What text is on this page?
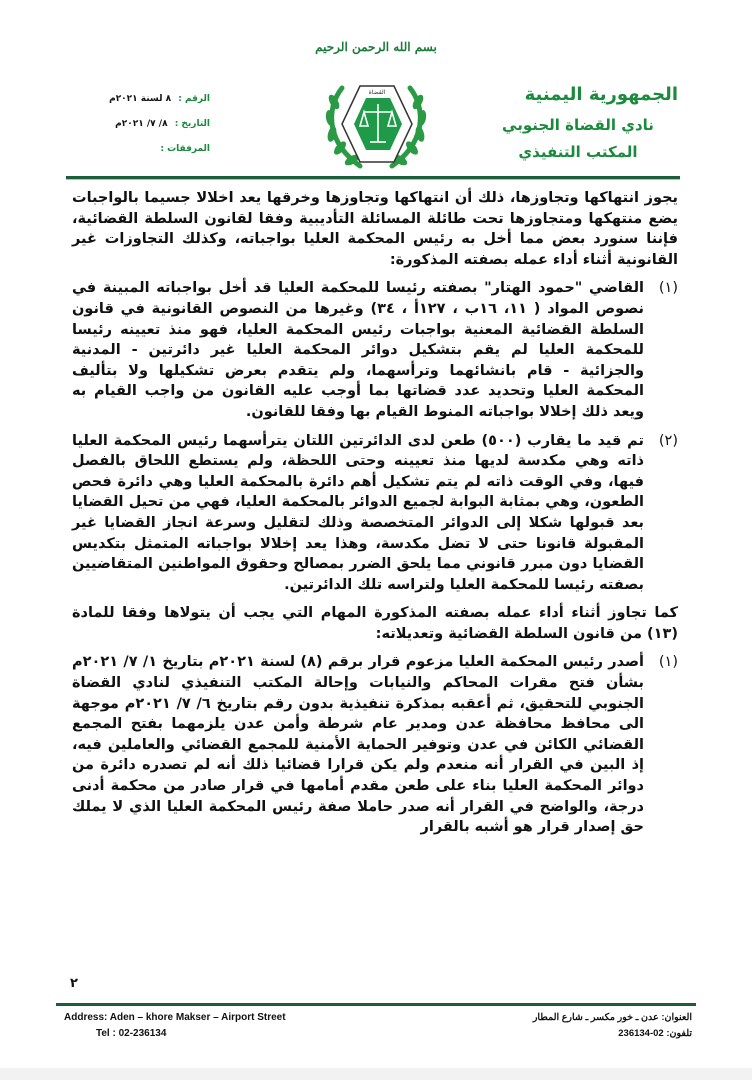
بسم الله الرحمن الرحيم
الجمهورية اليمنية
نادي القضاة الجنوبي
المكتب التنفيذي
القضاة
الرقم : ٨ لسنة ٢٠٢١م
التاريخ : ٨/ ٧/ ٢٠٢١م
المرفقات :

يجوز انتهاكها وتجاوزها، ذلك أن انتهاكها وتجاوزها وخرقها يعد اخلالا جسيما بالواجبات يضع منتهكها ومتجاوزها تحت طائلة المسائلة التأديبية وفقا لقانون السلطة القضائية، فإننا سنورد بعض مما أخل به رئيس المحكمة العليا بواجباته، وكذلك التجاوزات غير القانونية أثناء أداء عمله بصفته المذكورة:

(١)

القاضي "حمود الهتار" بصفته رئيسا للمحكمة العليا قد أخل بواجباته المبينة في نصوص المواد ( ١١، ١٦ب ، ١٢٧أ ، ٣٤) وغيرها من النصوص القانونية في قانون السلطة القضائية المعنية بواجبات رئيس المحكمة العليا، فهو منذ تعيينه رئيسا للمحكمة العليا لم يقم بتشكيل دوائر المحكمة العليا غير دائرتين - المدنية والجزائية - قام بانشائهما وترأسهما، ولم يتقدم بعرض تشكيلها ولا بتأليف المحكمة العليا وتحديد عدد قضاتها بما أوجب عليه القانون من واجب القيام به ويعد ذلك إخلالا بواجباته المنوط القيام بها وفقا للقانون.

(٢)

تم قيد ما يقارب (٥٠٠) طعن لدى الدائرتين اللتان يترأسهما رئيس المحكمة العليا ذاته وهي مكدسة لديها منذ تعيينه وحتى اللحظة، ولم يستطع اللحاق بالفصل فيها، وفي الوقت ذاته لم يتم تشكيل أهم دائرة بالمحكمة العليا وهي دائرة فحص الطعون، وهي بمثابة البوابة لجميع الدوائر بالمحكمة العليا، فهي من تحيل القضايا بعد قبولها شكلا إلى الدوائر المتخصصة وذلك لتقليل وسرعة انجاز القضايا غير المقبولة قانونا حتى لا تضل مكدسة، وهذا يعد إخلالا بواجباته المتمثل بتكديس القضايا دون مبرر قانوني مما يلحق الضرر بمصالح وحقوق المواطنين المتقاضيين بصفته رئيسا للمحكمة العليا ولتراسه تلك الدائرتين.

كما تجاوز أثناء أداء عمله بصفته المذكورة المهام التي يجب أن يتولاها وفقا للمادة (١٣) من قانون السلطة القضائية وتعديلاته:

(١)

أصدر رئيس المحكمة العليا مزعوم قرار برقم (٨) لسنة ٢٠٢١م بتاريخ ١/ ٧/ ٢٠٢١م بشأن فتح مقرات المحاكم والنيابات وإحالة المكتب التنفيذي لنادي القضاة الجنوبي للتحقيق، ثم أعقبه بمذكرة تنفيذية بدون رقم بتاريخ ٦/ ٧/ ٢٠٢١م موجهة الى محافظ محافظة عدن ومدير عام شرطة وأمن عدن يلزمهما بفتح المجمع القضائي الكائن في عدن وتوفير الحماية الأمنية للمجمع القضائي والعاملين فيه، إذ البين في القرار أنه منعدم ولم يكن قرارا قضائيا ذلك أنه لم تصدره دائرة من دوائر المحكمة العليا بناء على طعن مقدم أمامها في قرار صادر من محكمة أدنى درجة، والواضح في القرار أنه صدر حاملا صفة رئيس المحكمة العليا الذي لا يملك حق إصدار قرار هو أشبه بالقرار

٢
Address: Aden – khore Makser – Airport Street
Tel : 02-236134
العنوان: عدن ـ خور مكسر ـ شارع المطار
تلفون: 02-236134
